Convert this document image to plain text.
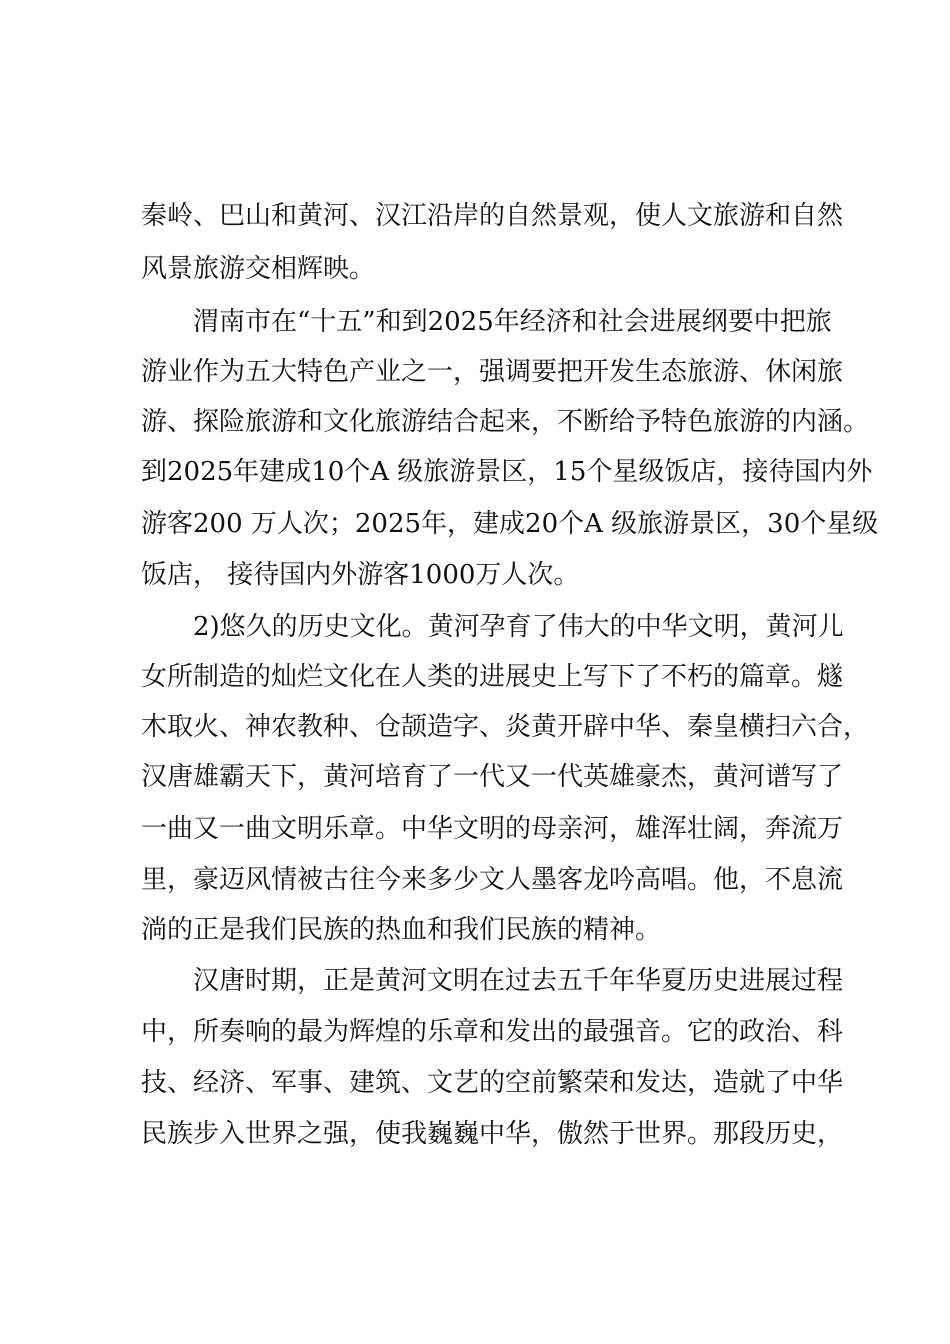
秦岭、巴山和黄河、汉江沿岸的自然景观，使人文旅游和自然
风景旅游交相辉映。
渭南市在“十五”和到2025年经济和社会进展纲要中把旅
游业作为五大特色产业之一，强调要把开发生态旅游、休闲旅
游、探险旅游和文化旅游结合起来，不断给予特色旅游的内涵。
到2025年建成10个A 级旅游景区，15个星级饭店，接待国内外
游客200 万人次；2025年，建成20个A 级旅游景区，30个星级
饭店， 接待国内外游客1000万人次。
2)悠久的历史文化。黄河孕育了伟大的中华文明，黄河儿
女所制造的灿烂文化在人类的进展史上写下了不朽的篇章。燧
木取火、神农教种、仓颉造字、炎黄开辟中华、秦皇横扫六合，
汉唐雄霸天下，黄河培育了一代又一代英雄豪杰，黄河谱写了
一曲又一曲文明乐章。中华文明的母亲河，雄浑壮阔，奔流万
里，豪迈风情被古往今来多少文人墨客龙吟高唱。他，不息流
淌的正是我们民族的热血和我们民族的精神。
汉唐时期，正是黄河文明在过去五千年华夏历史进展过程
中，所奏响的最为辉煌的乐章和发出的最强音。它的政治、科
技、经济、军事、建筑、文艺的空前繁荣和发达，造就了中华
民族步入世界之强，使我巍巍中华，傲然于世界。那段历史，
